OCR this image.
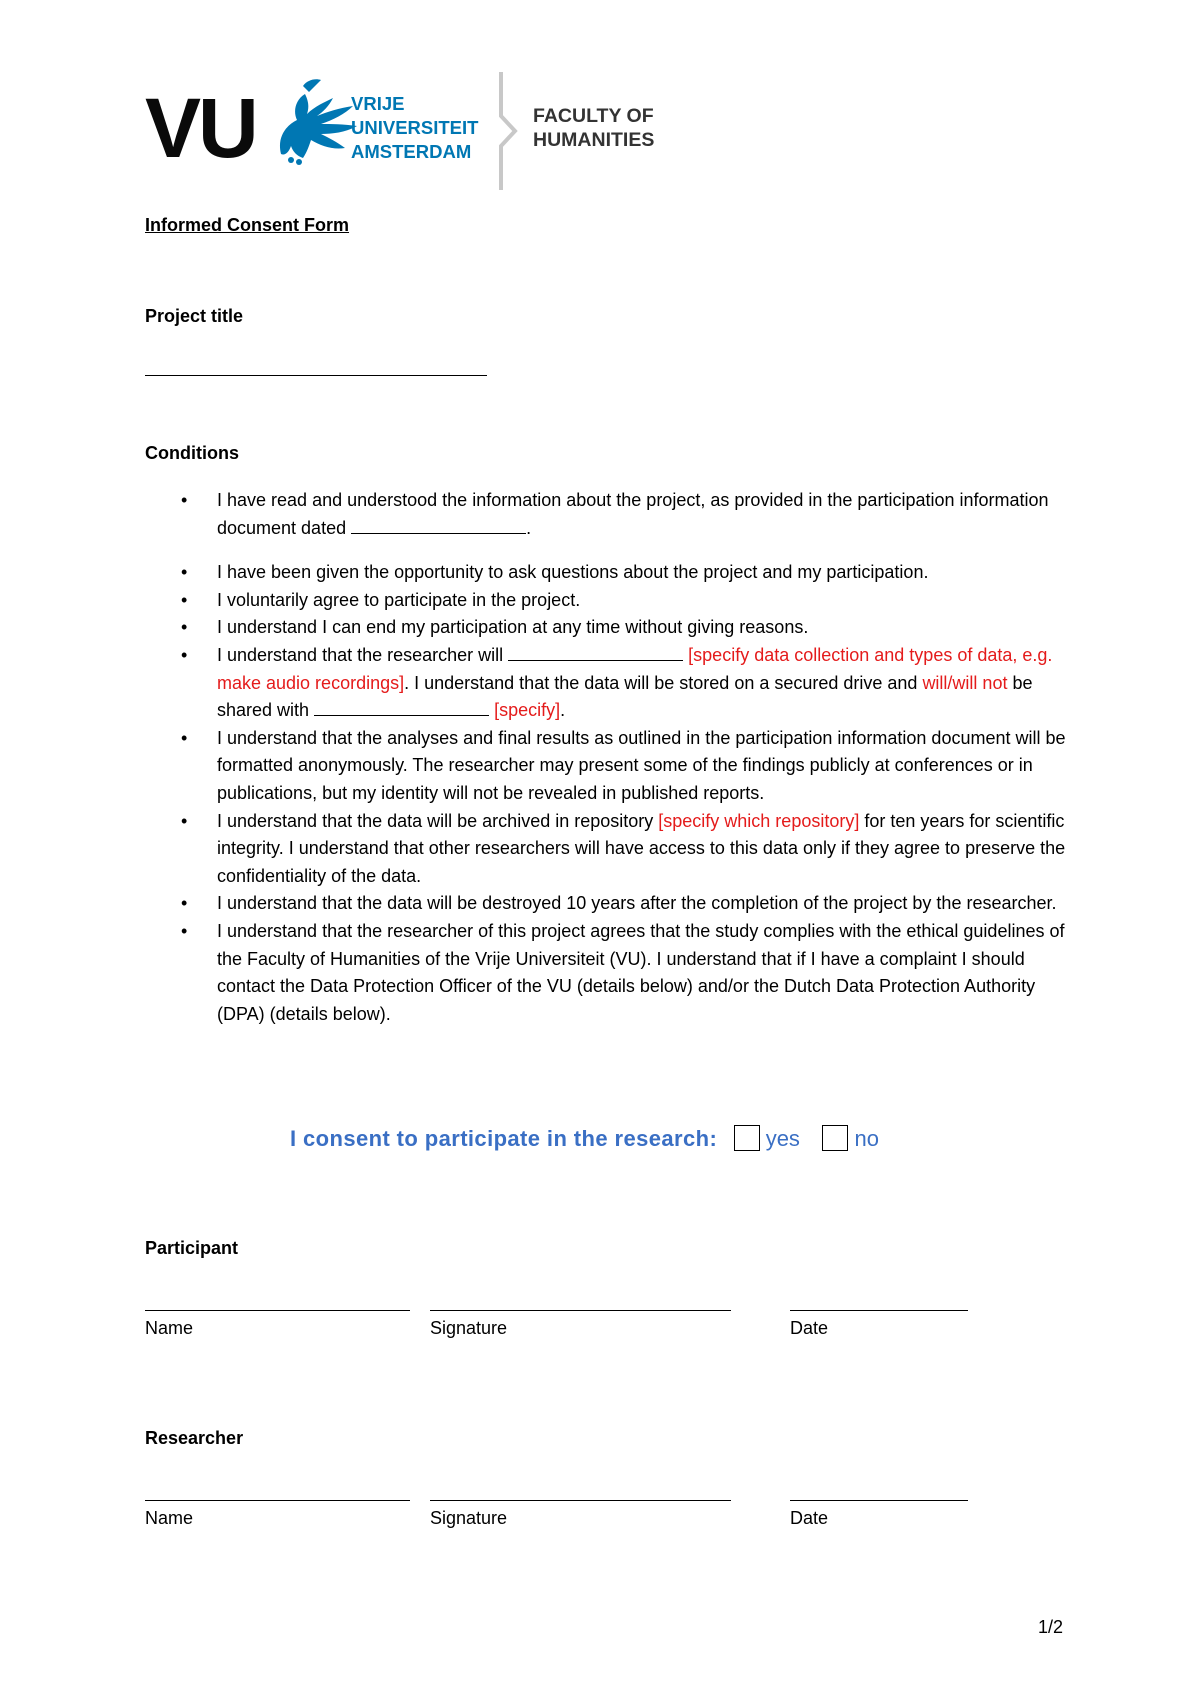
VU	VRIJE
UNIVERSITEIT
AMSTERDAM
FACULTY OF
HUMANITIES
Informed Consent Form
Project title
Conditions
• I have read and understood the information about the project, as provided in the participation information document dated	.
• I have been given the opportunity to ask questions about the project and my participation.
• I voluntarily agree to participate in the project.
• I understand I can end my participation at any time without giving reasons.
• I understand that the researcher will	[specify data collection and types of data, e.g. make audio recordings]. I understand that the data will be stored on a secured drive and will/will not be shared with	[specify].
• I understand that the analyses and final results as outlined in the participation information document will be formatted anonymously. The researcher may present some of the findings publicly at conferences or in publications, but my identity will not be revealed in published reports.
• I understand that the data will be archived in repository [specify which repository] for ten years for scientific integrity. I understand that other researchers will have access to this data only if they agree to preserve the confidentiality of the data.
• I understand that the data will be destroyed 10 years after the completion of the project by the researcher.
• I understand that the researcher of this project agrees that the study complies with the ethical guidelines of the Faculty of Humanities of the Vrije Universiteit (VU). I understand that if I have a complaint I should contact the Data Protection Officer of the VU (details below) and/or the Dutch Data Protection Authority (DPA) (details below).
I consent to participate in the research: yes no
Participant
Name	Signature	Date
Researcher
Name	Signature	Date
1/2
